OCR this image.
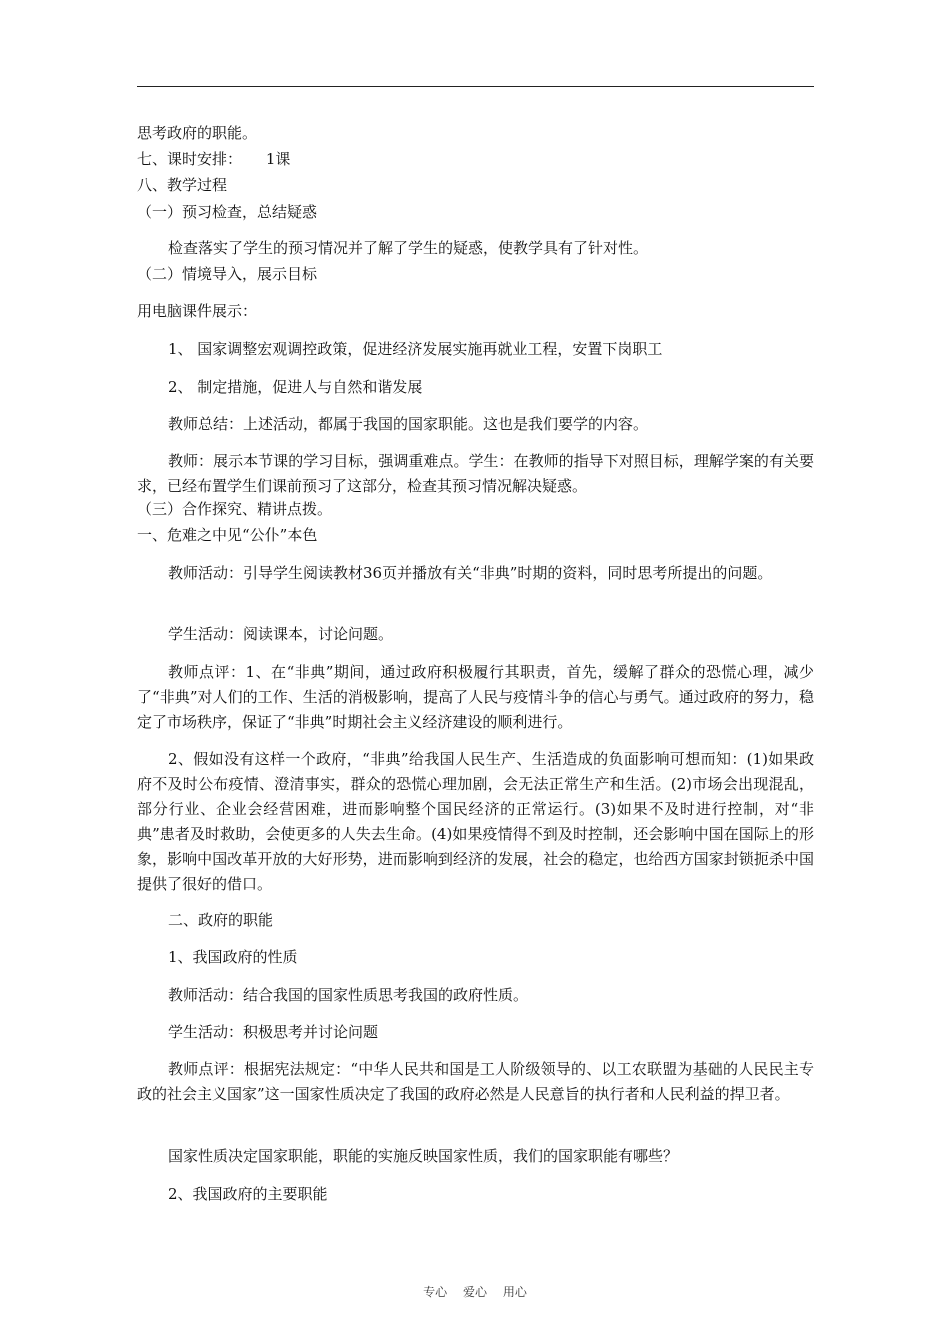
思考政府的职能。
七、课时安排：     1课
八、教学过程
（一）预习检查，总结疑惑
检查落实了学生的预习情况并了解了学生的疑惑，使教学具有了针对性。
（二）情境导入，展示目标
用电脑课件展示：
1、 国家调整宏观调控政策，促进经济发展实施再就业工程，安置下岗职工
2、 制定措施，促进人与自然和谐发展
教师总结：上述活动，都属于我国的国家职能。这也是我们要学的内容。
教师：展示本节课的学习目标，强调重难点。学生：在教师的指导下对照目标，理解学案的有关要求，已经布置学生们课前预习了这部分，检查其预习情况解决疑惑。
（三）合作探究、精讲点拨。
一、危难之中见“公仆”本色
教师活动：引导学生阅读教材36页并播放有关“非典”时期的资料，同时思考所提出的问题。
学生活动：阅读课本，讨论问题。
教师点评：1、在“非典”期间，通过政府积极履行其职责，首先，缓解了群众的恐慌心理，减少了“非典”对人们的工作、生活的消极影响，提高了人民与疫情斗争的信心与勇气。通过政府的努力，稳定了市场秩序，保证了“非典”时期社会主义经济建设的顺利进行。
2、假如没有这样一个政府，“非典”给我国人民生产、生活造成的负面影响可想而知：(1)如果政府不及时公布疫情、澄清事实，群众的恐慌心理加剧，会无法正常生产和生活。(2)市场会出现混乱，部分行业、企业会经营困难，进而影响整个国民经济的正常运行。(3)如果不及时进行控制，对“非典”患者及时救助，会使更多的人失去生命。(4)如果疫情得不到及时控制，还会影响中国在国际上的形象，影响中国改革开放的大好形势，进而影响到经济的发展，社会的稳定，也给西方国家封锁扼杀中国提供了很好的借口。
二、政府的职能
1、我国政府的性质
教师活动：结合我国的国家性质思考我国的政府性质。
学生活动：积极思考并讨论问题
教师点评：根据宪法规定：“中华人民共和国是工人阶级领导的、以工农联盟为基础的人民民主专政的社会主义国家”这一国家性质决定了我国的政府必然是人民意旨的执行者和人民利益的捍卫者。
国家性质决定国家职能，职能的实施反映国家性质，我们的国家职能有哪些？
2、我国政府的主要职能
专心 爱心 用心
